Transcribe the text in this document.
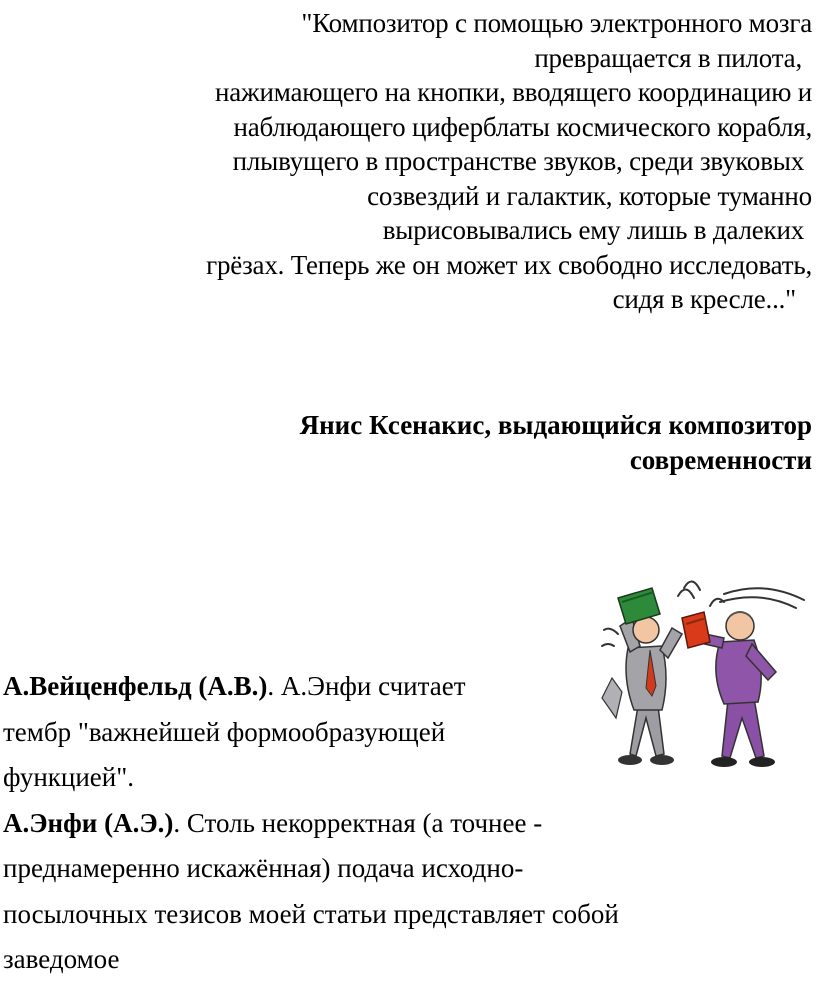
"Композитор с помощью электронного мозга
превращается в пилота,
нажимающего на кнопки, вводящего координацию и
наблюдающего циферблаты космического корабля,
плывущего в пространстве звуков, среди звуковых
созвездий и галактик, которые туманно
вырисовывались ему лишь в далеких
грёзах. Теперь же он может их свободно исследовать,
сидя в кресле..."
Янис Ксенакис, выдающийся композитор
современности
А.Вейценфельд (А.В.). А.Энфи считает
тембр "важнейшей формообразующей
функцией".
А.Энфи (А.Э.). Столь некорректная (а точнее -
преднамеренно искажённая) подача исходно-
посылочных тезисов моей статьи представляет собой
заведомое
